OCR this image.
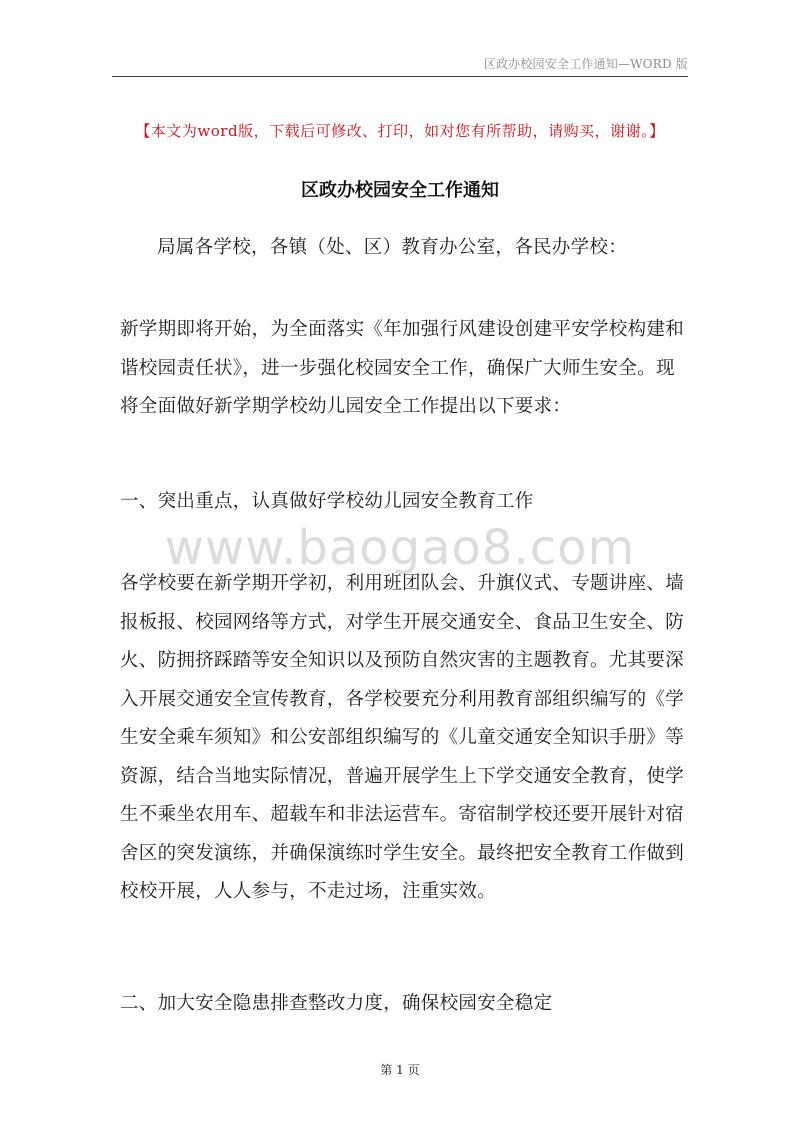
区政办校园安全工作通知—WORD 版
【本文为word版，下载后可修改、打印，如对您有所帮助，请购买，谢谢。】
区政办校园安全工作通知
局属各学校，各镇（处、区）教育办公室，各民办学校：
新学期即将开始，为全面落实《年加强行风建设创建平安学校构建和谐校园责任状》，进一步强化校园安全工作，确保广大师生安全。现将全面做好新学期学校幼儿园安全工作提出以下要求：
一、突出重点，认真做好学校幼儿园安全教育工作
www.baogao8.com
各学校要在新学期开学初，利用班团队会、升旗仪式、专题讲座、墙报板报、校园网络等方式，对学生开展交通安全、食品卫生安全、防火、防拥挤踩踏等安全知识以及预防自然灾害的主题教育。尤其要深入开展交通安全宣传教育，各学校要充分利用教育部组织编写的《学生安全乘车须知》和公安部组织编写的《儿童交通安全知识手册》等资源，结合当地实际情况，普遍开展学生上下学交通安全教育，使学生不乘坐农用车、超载车和非法运营车。寄宿制学校还要开展针对宿舍区的突发演练，并确保演练时学生安全。最终把安全教育工作做到校校开展，人人参与，不走过场，注重实效。
二、加大安全隐患排查整改力度，确保校园安全稳定
第 1 页
